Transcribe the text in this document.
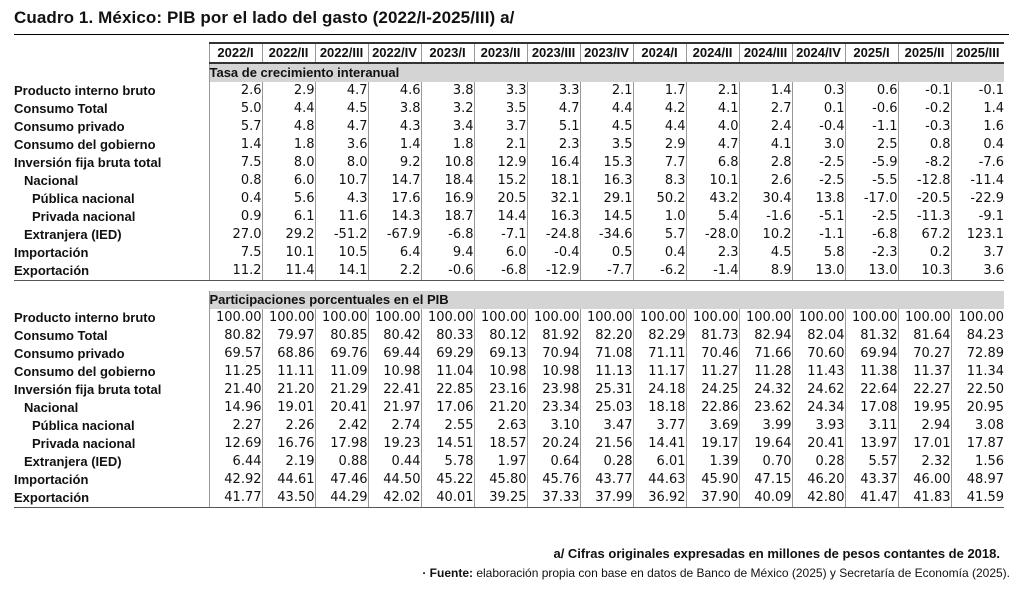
Cuadro 1. México: PIB por el lado del gasto (2022/I-2025/III) a/
	2022/I	2022/II	2022/III	2022/IV	2023/I	2023/II	2023/III	2023/IV	2024/I	2024/II	2024/III	2024/IV	2025/I	2025/II	2025/III
	Tasa de crecimiento interanual														
Producto interno bruto	2.6	2.9	4.7	4.6	3.8	3.3	3.3	2.1	1.7	2.1	1.4	0.3	0.6	-0.1	-0.1
Consumo Total	5.0	4.4	4.5	3.8	3.2	3.5	4.7	4.4	4.2	4.1	2.7	0.1	-0.6	-0.2	1.4
Consumo privado	5.7	4.8	4.7	4.3	3.4	3.7	5.1	4.5	4.4	4.0	2.4	-0.4	-1.1	-0.3	1.6
Consumo del gobierno	1.4	1.8	3.6	1.4	1.8	2.1	2.3	3.5	2.9	4.7	4.1	3.0	2.5	0.8	0.4
Inversión fija bruta total	7.5	8.0	8.0	9.2	10.8	12.9	16.4	15.3	7.7	6.8	2.8	-2.5	-5.9	-8.2	-7.6
Nacional	0.8	6.0	10.7	14.7	18.4	15.2	18.1	16.3	8.3	10.1	2.6	-2.5	-5.5	-12.8	-11.4
Pública nacional	0.4	5.6	4.3	17.6	16.9	20.5	32.1	29.1	50.2	43.2	30.4	13.8	-17.0	-20.5	-22.9
Privada nacional	0.9	6.1	11.6	14.3	18.7	14.4	16.3	14.5	1.0	5.4	-1.6	-5.1	-2.5	-11.3	-9.1
Extranjera (IED)	27.0	29.2	-51.2	-67.9	-6.8	-7.1	-24.8	-34.6	5.7	-28.0	10.2	-1.1	-6.8	67.2	123.1
Importación	7.5	10.1	10.5	6.4	9.4	6.0	-0.4	0.5	0.4	2.3	4.5	5.8	-2.3	0.2	3.7
Exportación	11.2	11.4	14.1	2.2	-0.6	-6.8	-12.9	-7.7	-6.2	-1.4	8.9	13.0	13.0	10.3	3.6

	Participaciones porcentuales en el PIB														
Producto interno bruto	100.00	100.00	100.00	100.00	100.00	100.00	100.00	100.00	100.00	100.00	100.00	100.00	100.00	100.00	100.00
Consumo Total	80.82	79.97	80.85	80.42	80.33	80.12	81.92	82.20	82.29	81.73	82.94	82.04	81.32	81.64	84.23
Consumo privado	69.57	68.86	69.76	69.44	69.29	69.13	70.94	71.08	71.11	70.46	71.66	70.60	69.94	70.27	72.89
Consumo del gobierno	11.25	11.11	11.09	10.98	11.04	10.98	10.98	11.13	11.17	11.27	11.28	11.43	11.38	11.37	11.34
Inversión fija bruta total	21.40	21.20	21.29	22.41	22.85	23.16	23.98	25.31	24.18	24.25	24.32	24.62	22.64	22.27	22.50
Nacional	14.96	19.01	20.41	21.97	17.06	21.20	23.34	25.03	18.18	22.86	23.62	24.34	17.08	19.95	20.95
Pública nacional	2.27	2.26	2.42	2.74	2.55	2.63	3.10	3.47	3.77	3.69	3.99	3.93	3.11	2.94	3.08
Privada nacional	12.69	16.76	17.98	19.23	14.51	18.57	20.24	21.56	14.41	19.17	19.64	20.41	13.97	17.01	17.87
Extranjera (IED)	6.44	2.19	0.88	0.44	5.78	1.97	0.64	0.28	6.01	1.39	0.70	0.28	5.57	2.32	1.56
Importación	42.92	44.61	47.46	44.50	45.22	45.80	45.76	43.77	44.63	45.90	47.15	46.20	43.37	46.00	48.97
Exportación	41.77	43.50	44.29	42.02	40.01	39.25	37.33	37.99	36.92	37.90	40.09	42.80	41.47	41.83	41.59
a/ Cifras originales expresadas en millones de pesos contantes de 2018.
· Fuente: elaboración propia con base en datos de Banco de México (2025) y Secretaría de Economía (2025).
